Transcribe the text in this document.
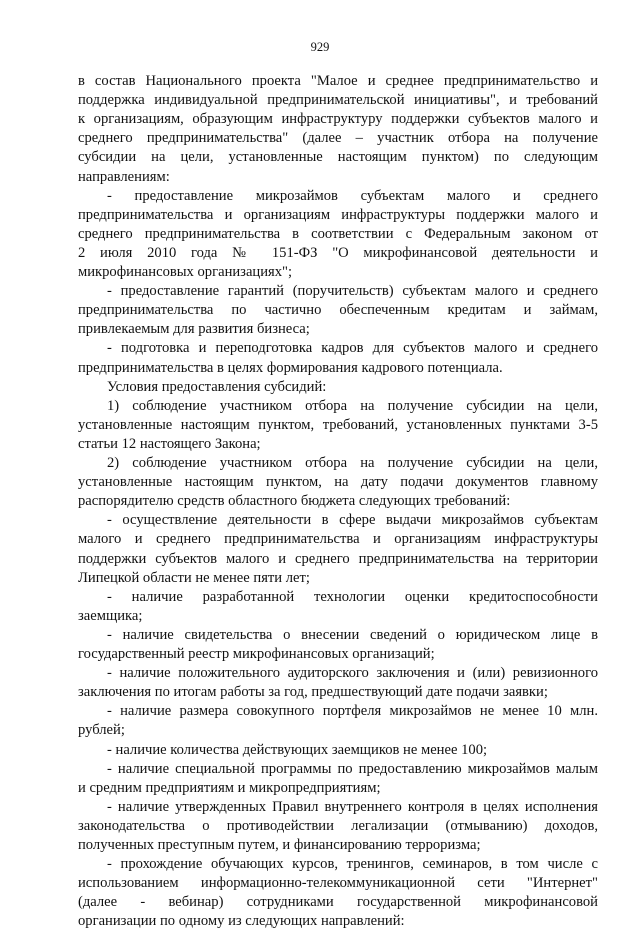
929
в состав Национального проекта "Малое и среднее предпринимательство и
поддержка индивидуальной предпринимательской инициативы", и требований
к организациям, образующим инфраструктуру поддержки субъектов малого и
среднего предпринимательства" (далее – участник отбора на получение
субсидии на цели, установленные настоящим пунктом) по следующим
направлениям:
- предоставление микрозаймов субъектам малого и среднего
предпринимательства и организациям инфраструктуры поддержки малого и
среднего предпринимательства в соответствии с Федеральным законом от
2 июля 2010 года № 151-ФЗ "О микрофинансовой деятельности и
микрофинансовых организациях";
- предоставление гарантий (поручительств) субъектам малого и среднего
предпринимательства по частично обеспеченным кредитам и займам,
привлекаемым для развития бизнеса;
- подготовка и переподготовка кадров для субъектов малого и среднего
предпринимательства в целях формирования кадрового потенциала.
Условия предоставления субсидий:
1) соблюдение участником отбора на получение субсидии на цели,
установленные настоящим пунктом, требований, установленных пунктами 3-5
статьи 12 настоящего Закона;
2) соблюдение участником отбора на получение субсидии на цели,
установленные настоящим пунктом, на дату подачи документов главному
распорядителю средств областного бюджета следующих требований:
- осуществление деятельности в сфере выдачи микрозаймов субъектам
малого и среднего предпринимательства и организациям инфраструктуры
поддержки субъектов малого и среднего предпринимательства на территории
Липецкой области не менее пяти лет;
- наличие разработанной технологии оценки кредитоспособности
заемщика;
- наличие свидетельства о внесении сведений о юридическом лице в
государственный реестр микрофинансовых организаций;
- наличие положительного аудиторского заключения и (или) ревизионного
заключения по итогам работы за год, предшествующий дате подачи заявки;
- наличие размера совокупного портфеля микрозаймов не менее 10 млн.
рублей;
- наличие количества действующих заемщиков не менее 100;
- наличие специальной программы по предоставлению микрозаймов малым
и средним предприятиям и микропредприятиям;
- наличие утвержденных Правил внутреннего контроля в целях исполнения
законодательства о противодействии легализации (отмыванию) доходов,
полученных преступным путем, и финансированию терроризма;
- прохождение обучающих курсов, тренингов, семинаров, в том числе с
использованием информационно-телекоммуникационной сети "Интернет"
(далее - вебинар) сотрудниками государственной микрофинансовой
организации по одному из следующих направлений:
